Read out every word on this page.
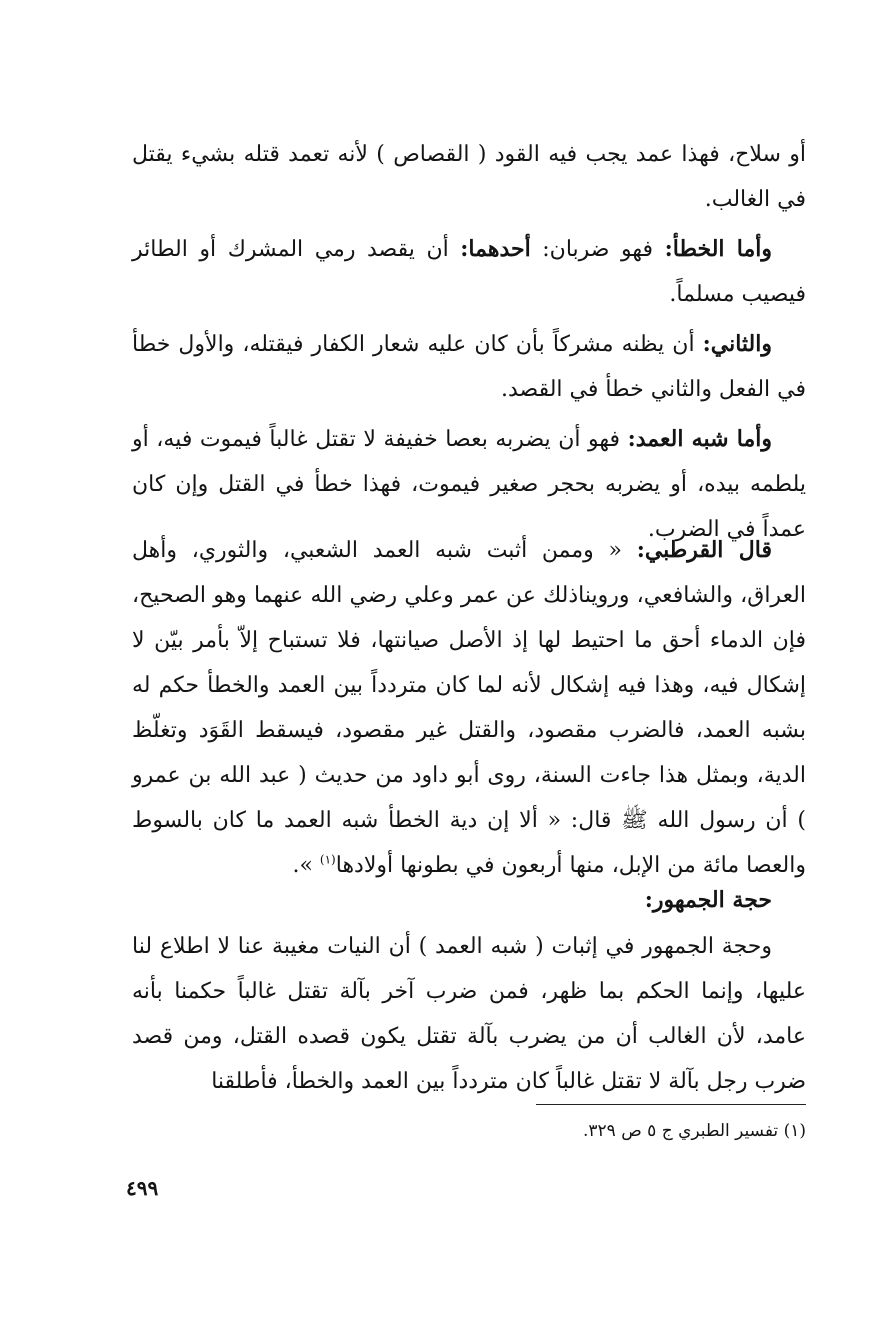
أو سلاح، فهذا عمد يجب فيه القود ( القصاص ) لأنه تعمد قتله بشيء يقتل في الغالب.

وأما الخطأ: فهو ضربان: أحدهما: أن يقصد رمي المشرك أو الطائر فيصيب مسلماً.

والثاني: أن يظنه مشركاً بأن كان عليه شعار الكفار فيقتله، والأول خطأ في الفعل والثاني خطأ في القصد.

وأما شبه العمد: فهو أن يضربه بعصا خفيفة لا تقتل غالباً فيموت فيه، أو يلطمه بيده، أو يضربه بحجر صغير فيموت، فهذا خطأ في القتل وإن كان عمداً في الضرب.

قال القرطبي: « وممن أثبت شبه العمد الشعبي، والثوري، وأهل العراق، والشافعي، ورويناذلك عن عمر وعلي رضي الله عنهما وهو الصحيح، فإن الدماء أحق ما احتيط لها إذ الأصل صيانتها، فلا تستباح إلاّ بأمر بيّن لا إشكال فيه، وهذا فيه إشكال لأنه لما كان متردداً بين العمد والخطأ حكم له بشبه العمد، فالضرب مقصود، والقتل غير مقصود، فيسقط القَوَد وتغلّظ الدية، وبمثل هذا جاءت السنة، روى أبو داود من حديث ( عبد الله بن عمرو ) أن رسول الله ﷺ قال: « ألا إن دية الخطأ شبه العمد ما كان بالسوط والعصا مائة من الإبل، منها أربعون في بطونها أولادها$^{(١)}$ ».

حجة الجمهور:

وحجة الجمهور في إثبات ( شبه العمد ) أن النيات مغيبة عنا لا اطلاع لنا عليها، وإنما الحكم بما ظهر، فمن ضرب آخر بآلة تقتل غالباً حكمنا بأنه عامد، لأن الغالب أن من يضرب بآلة تقتل يكون قصده القتل، ومن قصد ضرب رجل بآلة لا تقتل غالباً كان متردداً بين العمد والخطأ، فأطلقنا

(١) تفسير الطبري ج ٥ ص ٣٢٩.
٤٩٩
